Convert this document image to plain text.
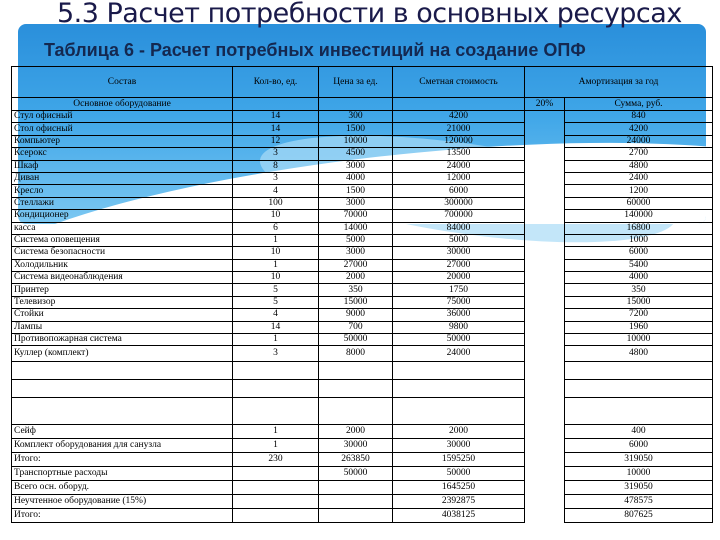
5.3 Расчет потребности в основных ресурсах
Таблица 6 - Расчет потребных инвестиций на создание ОПФ
Состав	Кол-во, ед.	Цена за ед.	Сметная стоимость	Амортизация за год	
Основное оборудование				20%	Сумма, руб.
Стул офисный	14	300	4200		840
Стол офисный	14	1500	21000		4200
Компьютер	12	10000	120000		24000
Ксерокс	3	4500	13500		2700
Шкаф	8	3000	24000		4800
Диван	3	4000	12000		2400
Кресло	4	1500	6000		1200
Стеллажи	100	3000	300000		60000
Кондиционер	10	70000	700000		140000
касса	6	14000	84000		16800
Система оповещения	1	5000	5000		1000
Система безопасности	10	3000	30000		6000
Холодильник	1	27000	27000		5400
Система видеонаблюдения	10	2000	20000		4000
Принтер	5	350	1750		350
Телевизор	5	15000	75000		15000
Стойки	4	9000	36000		7200
Лампы	14	700	9800		1960
Противопожарная система	1	50000	50000		10000
Куллер (комплект)	3	8000	24000		4800

Сейф	1	2000	2000		400
Комплект оборудования для санузла	1	30000	30000		6000
Итого:	230	263850	1595250		319050
Транспортные расходы		50000	50000		10000
Всего осн. оборуд.			1645250		319050
Неучтенное оборудование (15%)			2392875		478575
Итого:			4038125		807625
